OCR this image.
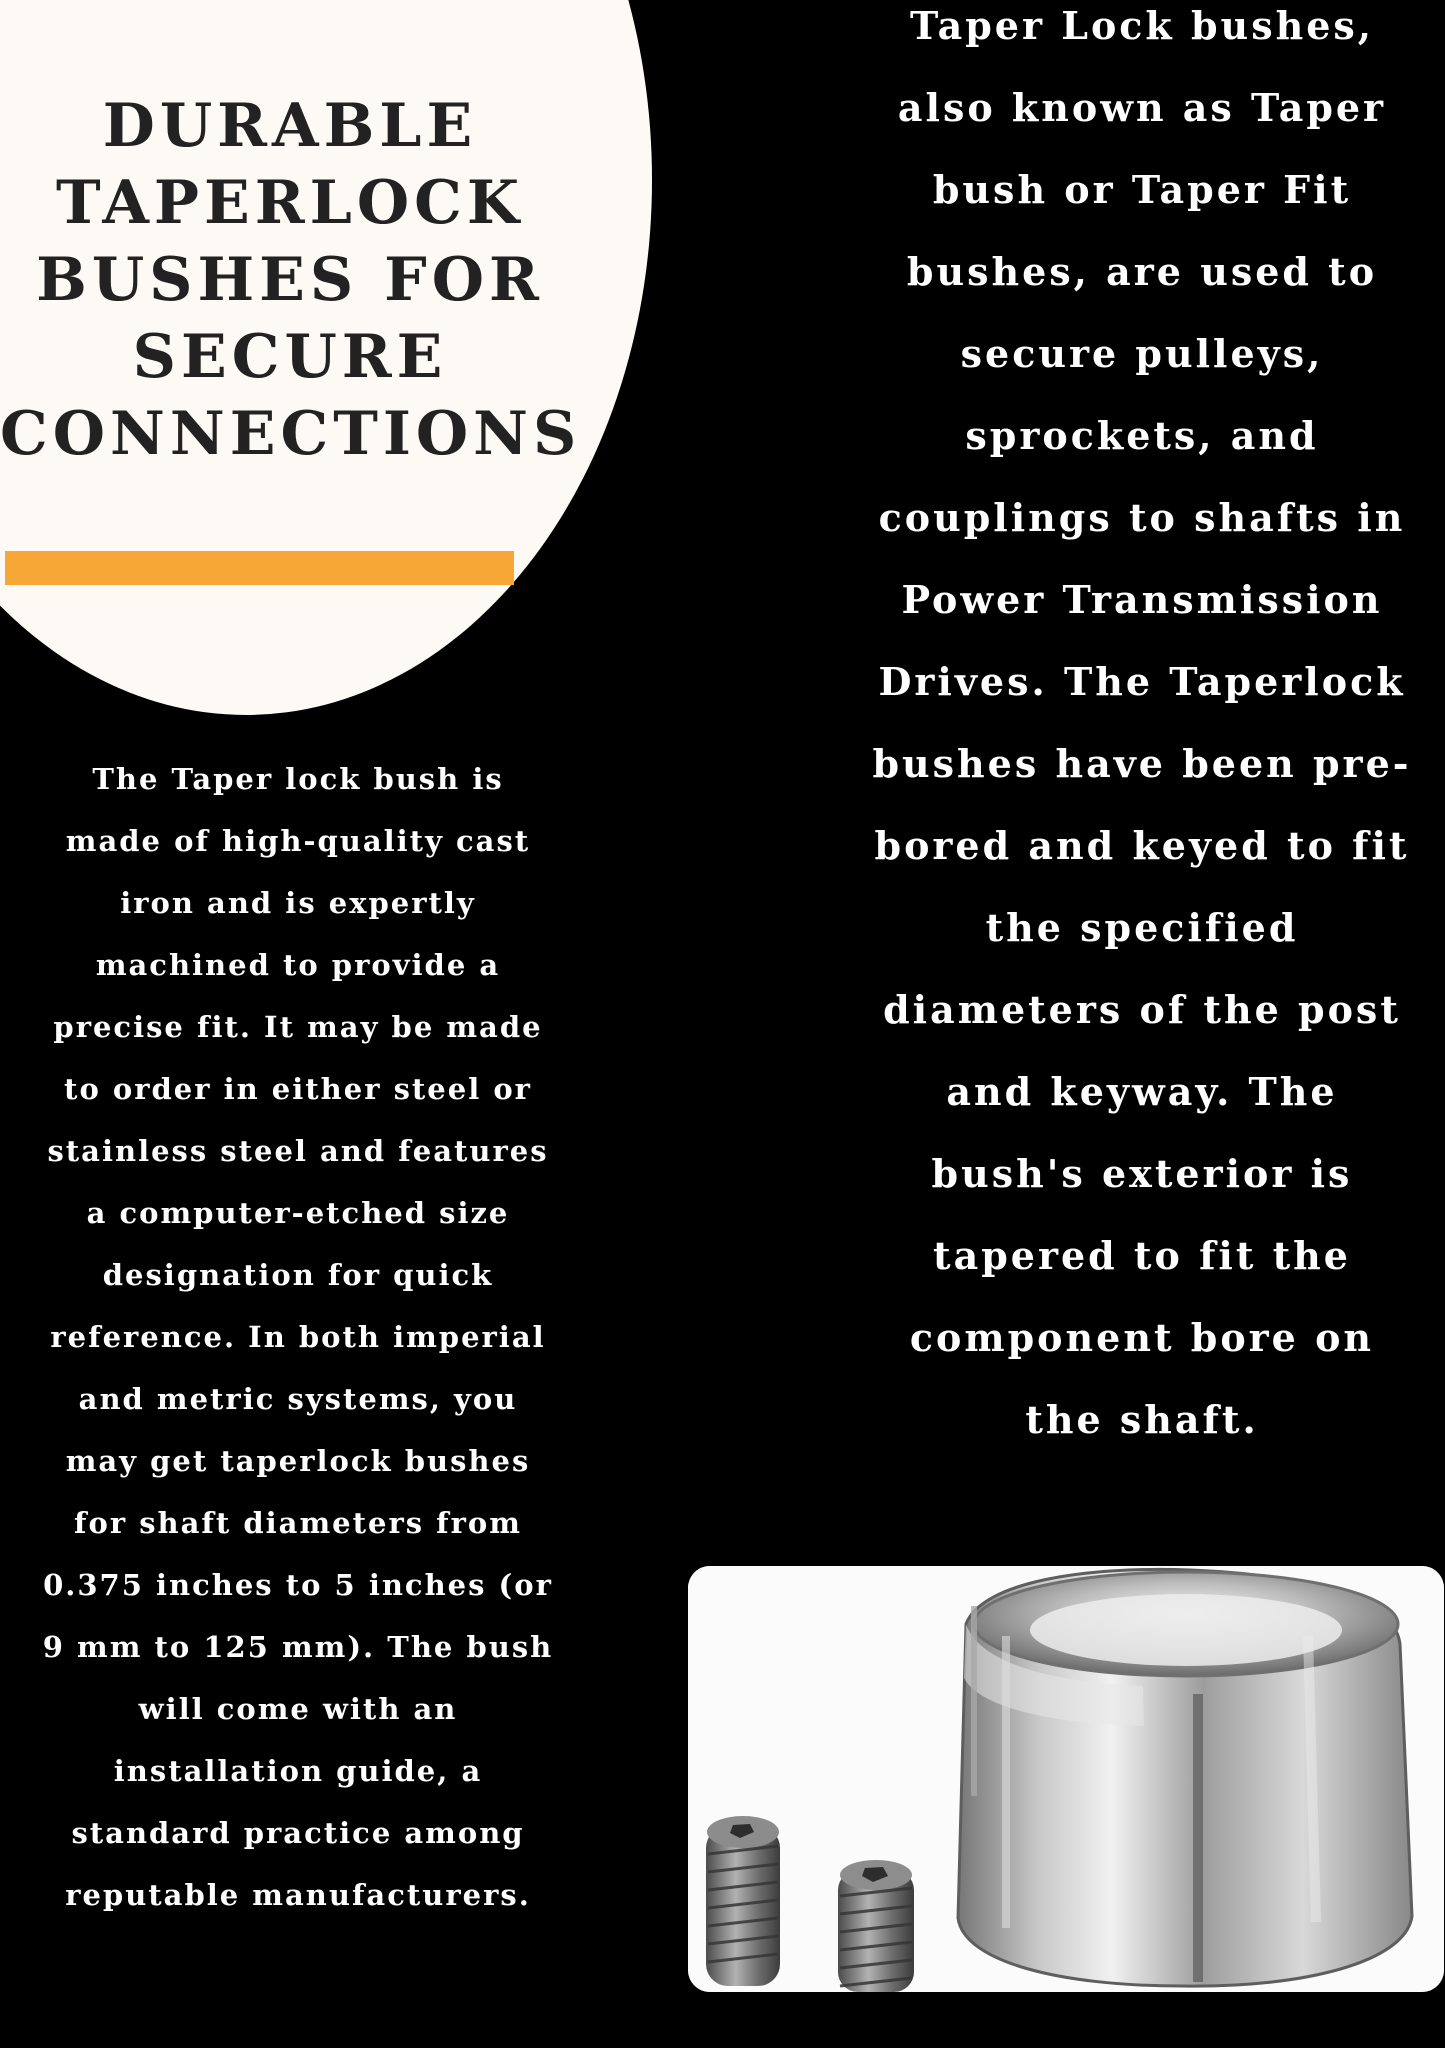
DURABLE
TAPERLOCK
BUSHES FOR
SECURE
CONNECTIONS

Taper Lock bushes,
also known as Taper
bush or Taper Fit
bushes, are used to
secure pulleys,
sprockets, and
couplings to shafts in
Power Transmission
Drives. The Taperlock
bushes have been pre-
bored and keyed to fit
the specified
diameters of the post
and keyway. The
bush's exterior is
tapered to fit the
component bore on
the shaft.

The Taper lock bush is
made of high-quality cast
iron and is expertly
machined to provide a
precise fit. It may be made
to order in either steel or
stainless steel and features
a computer-etched size
designation for quick
reference. In both imperial
and metric systems, you
may get taperlock bushes
for shaft diameters from
0.375 inches to 5 inches (or
9 mm to 125 mm). The bush
will come with an
installation guide, a
standard practice among
reputable manufacturers.
